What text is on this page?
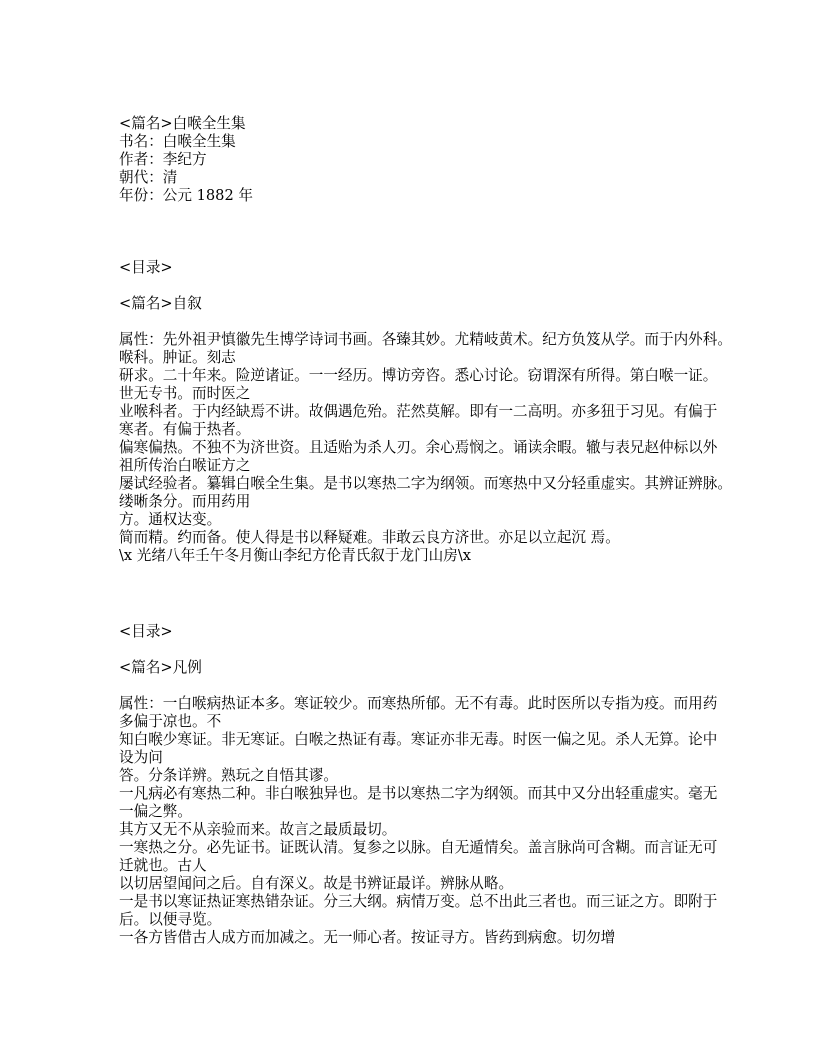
<篇名>白喉全生集
书名：白喉全生集
作者：李纪方
朝代：清
年份：公元 1882 年
<目录>
<篇名>自叙
属性：先外祖尹慎徽先生博学诗词书画。各臻其妙。尤精岐黄术。纪方负笈从学。而于内外科。
喉科。肿证。刻志
研求。二十年来。险逆诸证。一一经历。博访旁咨。悉心讨论。窃谓深有所得。第白喉一证。
世无专书。而时医之
业喉科者。于内经缺焉不讲。故偶遇危殆。茫然莫解。即有一二高明。亦多狃于习见。有偏于
寒者。有偏于热者。
偏寒偏热。不独不为济世资。且适贻为杀人刃。余心焉悯之。诵读余暇。辙与表兄赵仲标以外
祖所传治白喉证方之
屡试经验者。纂辑白喉全生集。是书以寒热二字为纲领。而寒热中又分轻重虚实。其辨证辨脉。
缕晰条分。而用药用
方。通权达变。
简而精。约而备。使人得是书以释疑难。非敢云良方济世。亦足以立起沉 焉。
\x 光绪八年壬午冬月衡山李纪方伦青氏叙于龙门山房\x
<目录>
<篇名>凡例
属性：一白喉病热证本多。寒证较少。而寒热所郁。无不有毒。此时医所以专指为疫。而用药
多偏于凉也。不
知白喉少寒证。非无寒证。白喉之热证有毒。寒证亦非无毒。时医一偏之见。杀人无算。论中
设为问
答。分条详辨。熟玩之自悟其谬。
一凡病必有寒热二种。非白喉独异也。是书以寒热二字为纲领。而其中又分出轻重虚实。毫无
一偏之弊。
其方又无不从亲验而来。故言之最质最切。
一寒热之分。必先证书。证既认清。复参之以脉。自无遁情矣。盖言脉尚可含糊。而言证无可
迁就也。古人
以切居望闻问之后。自有深义。故是书辨证最详。辨脉从略。
一是书以寒证热证寒热错杂证。分三大纲。病情万变。总不出此三者也。而三证之方。即附于
后。以便寻览。
一各方皆借古人成方而加减之。无一师心者。按证寻方。皆药到病愈。切勿增
